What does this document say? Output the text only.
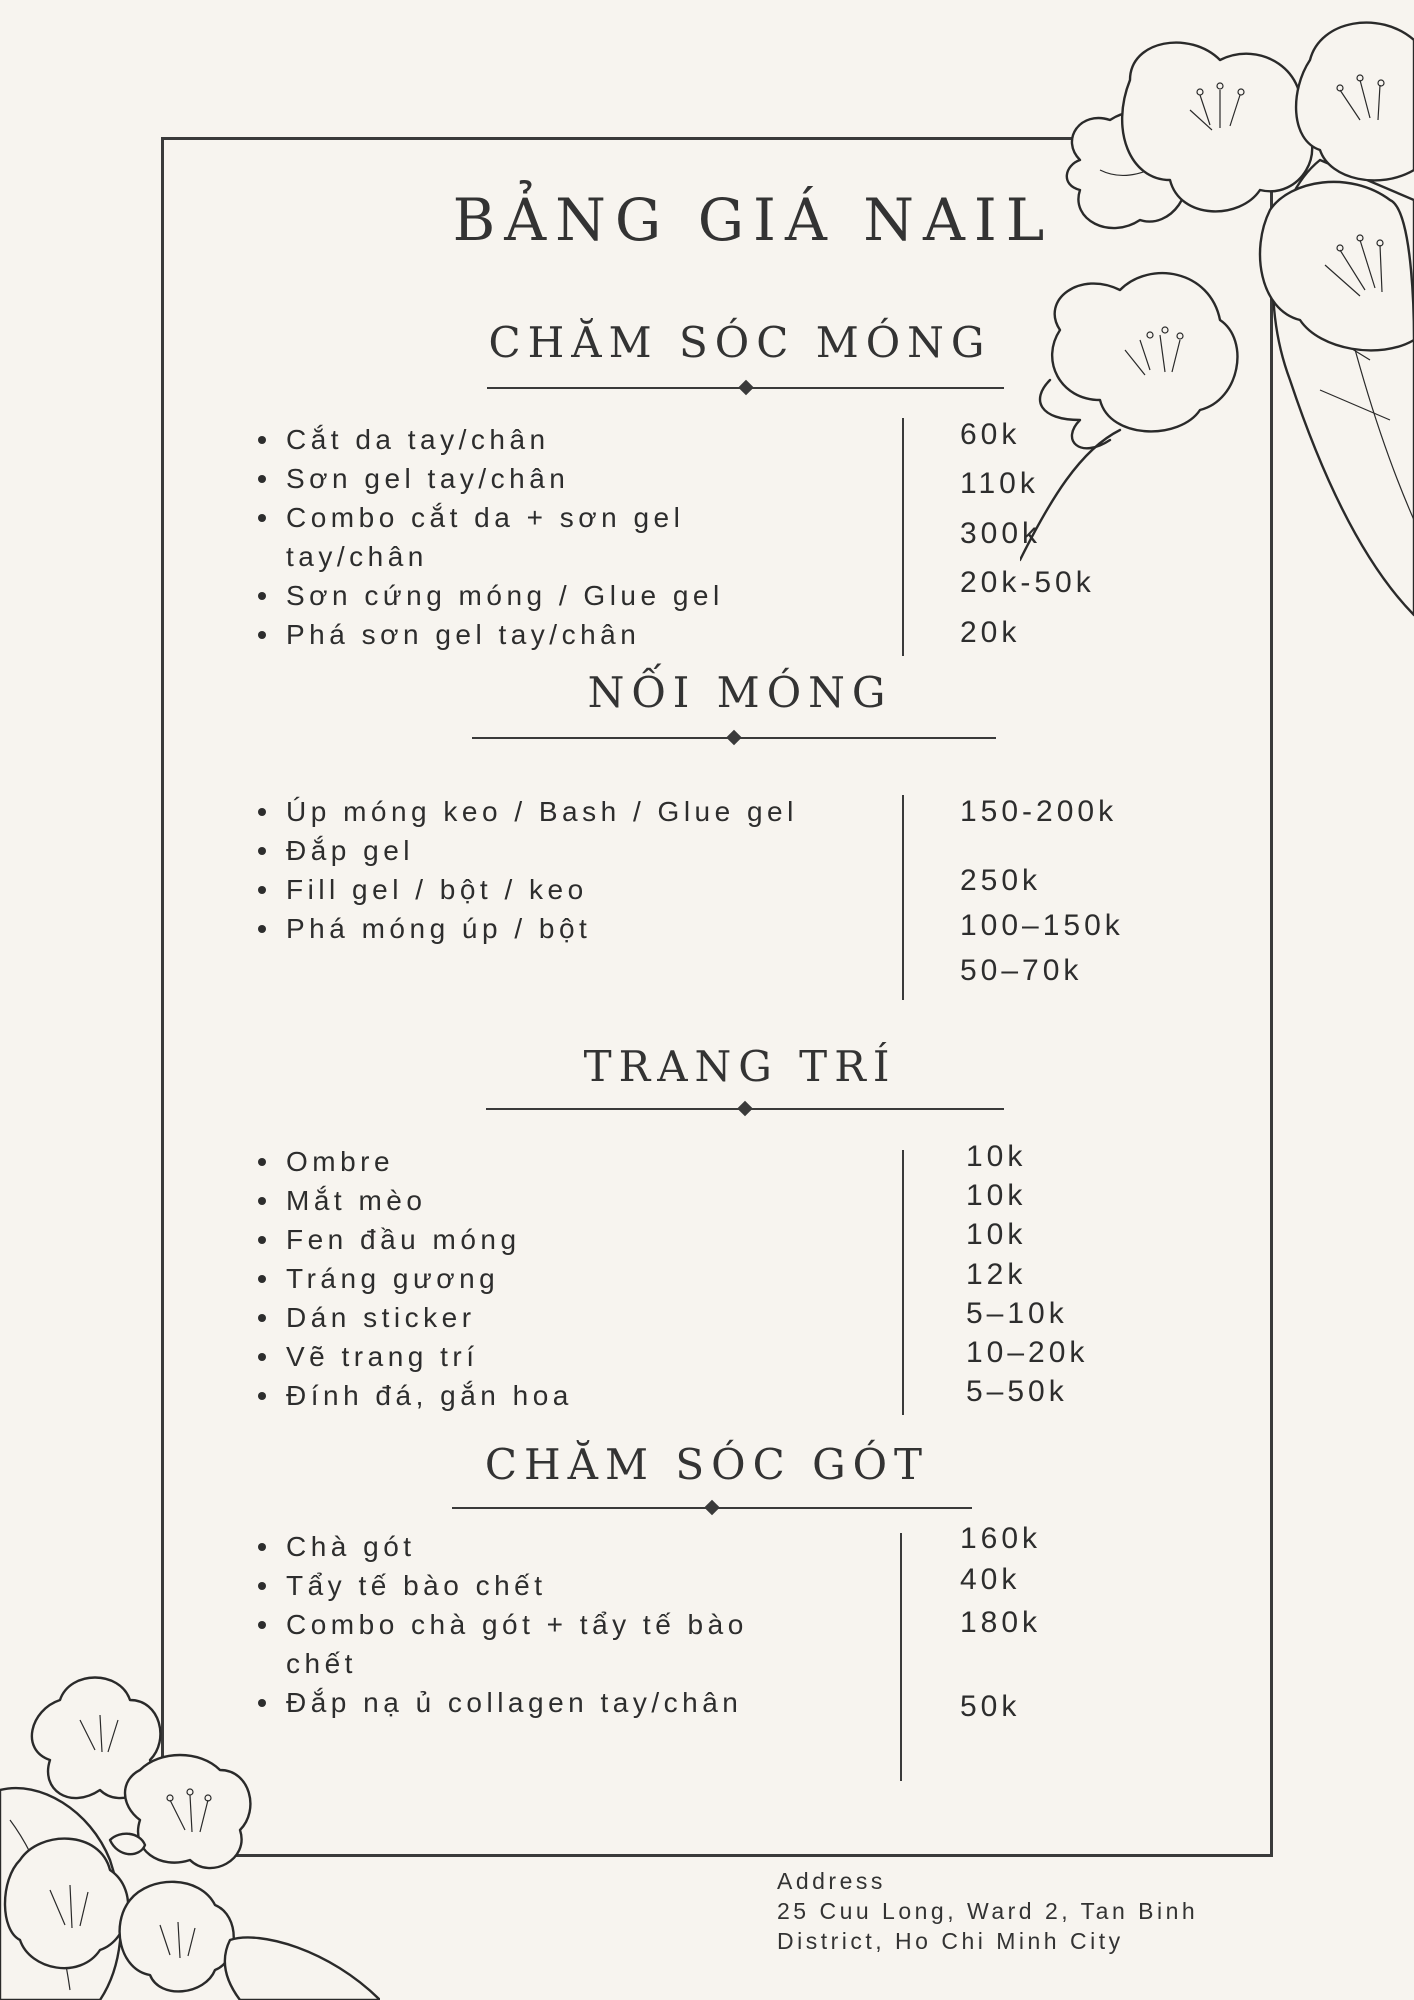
BẢNG GIÁ NAIL
CHĂM SÓC MÓNG
Cắt da tay/chân
Sơn gel tay/chân
Combo cắt da + sơn gel tay/chân
Sơn cứng móng / Glue gel
Phá sơn gel tay/chân
60k
110k
300k
20k-50k
20k
NỐI MÓNG
Úp móng keo / Bash / Glue gel
Đắp gel
Fill gel / bột / keo
Phá móng úp / bột
150-200k
250k
100–150k
50–70k
TRANG TRÍ
Ombre
Mắt mèo
Fen đầu móng
Tráng gương
Dán sticker
Vẽ trang trí
Đính đá, gắn hoa
10k
10k
10k
12k
5–10k
10–20k
5–50k
CHĂM SÓC GÓT
Chà gót
Tẩy tế bào chết
Combo chà gót + tẩy tế bào chết
Đắp nạ ủ collagen tay/chân
160k
40k
180k
50k
Address
25 Cuu Long, Ward 2, Tan Binh
District, Ho Chi Minh City
